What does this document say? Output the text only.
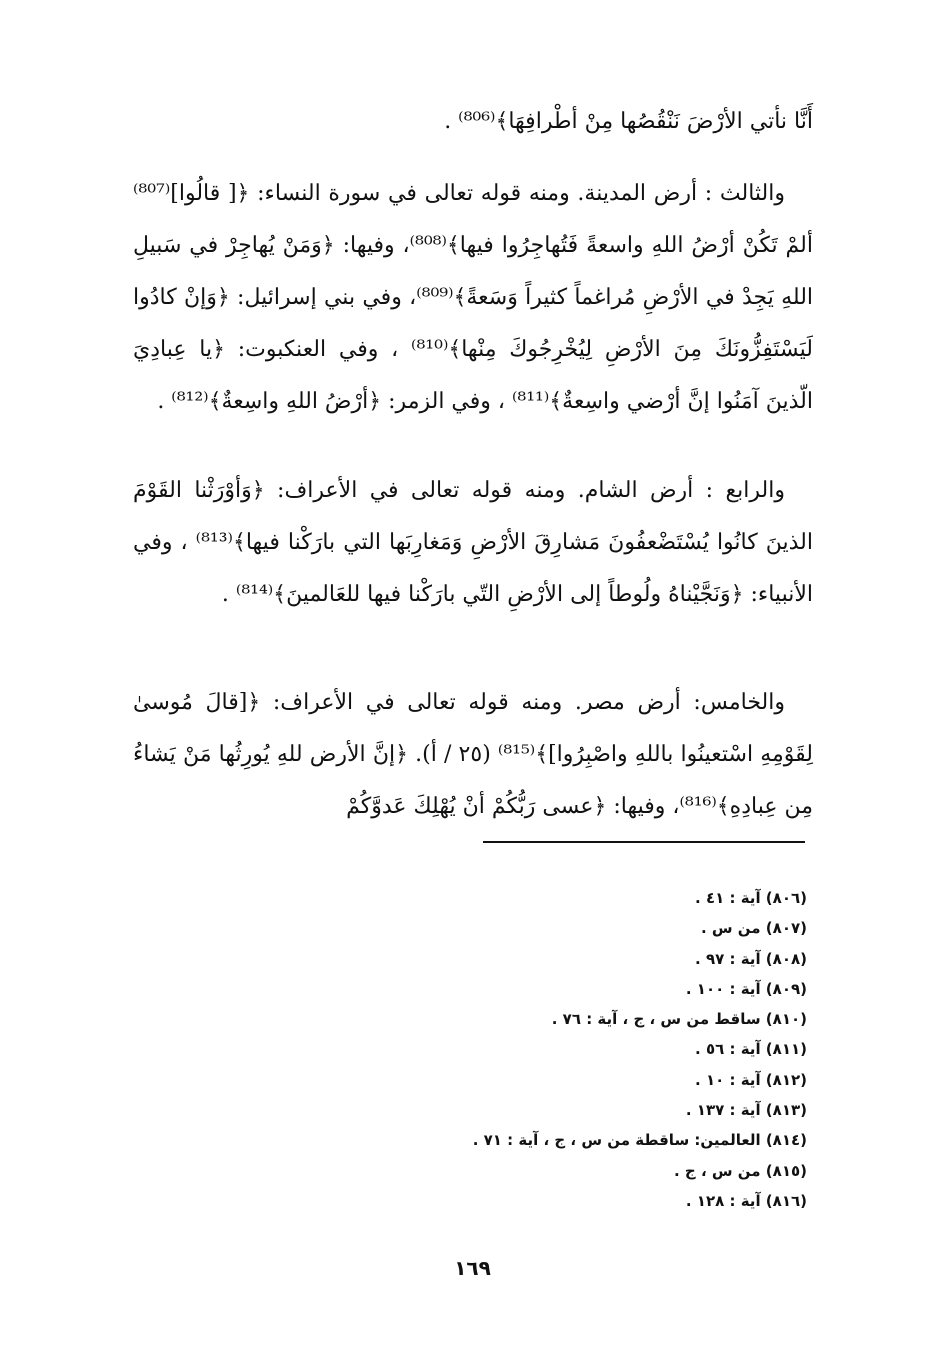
أَنَّا نأتي الأرْضَ نَنْقُصُها مِنْ أطْرافِهَا﴾⁽⁸⁰⁶⁾ .

والثالث : أرض المدينة. ومنه قوله تعالى في سورة النساء: ﴿[ قالُوا]⁽⁸⁰⁷⁾ ألمْ تَكُنْ أرْضُ اللهِ واسعةً فَتُهاجِرُوا فيها﴾⁽⁸⁰⁸⁾، وفيها: ﴿وَمَنْ يُهاجِرْ في سَبيلِ اللهِ يَجِدْ في الأرْضِ مُراغماً كثيراً وَسَعةً﴾⁽⁸⁰⁹⁾، وفي بني إسرائيل: ﴿وَإنْ كادُوا لَيَسْتَفِزُّونَكَ مِنَ الأرْضِ لِيُخْرِجُوكَ مِنْها﴾⁽⁸¹⁰⁾ ، وفي العنكبوت: ﴿يا عِبادِيَ الّذينَ آمَنُوا إنَّ أرْضي واسِعةٌ﴾⁽⁸¹¹⁾ ، وفي الزمر: ﴿أرْضُ اللهِ واسِعةٌ﴾⁽⁸¹²⁾ .

والرابع : أرض الشام. ومنه قوله تعالى في الأعراف: ﴿وَأوْرَثْنا القَوْمَ الذينَ كانُوا يُسْتَضْعفُونَ مَشارِقَ الأرْضِ وَمَغارِبَها التي بارَكْنا فيها﴾⁽⁸¹³⁾ ، وفي الأنبياء: ﴿وَنَجَّيْناهُ ولُوطاً إلى الأرْضِ التّي بارَكْنا فيها للعَالمينَ﴾⁽⁸¹⁴⁾ .

والخامس: أرض مصر. ومنه قوله تعالى في الأعراف: ﴿[قالَ مُوسىٰ لِقَوْمِهِ اسْتعينُوا باللهِ واصْبِرُوا]﴾⁽⁸¹⁵⁾ (٢٥ / أ). ﴿إنَّ الأرض للهِ يُورِثُها مَنْ يَشاءُ مِن عِبادِهِ﴾⁽⁸¹⁶⁾، وفيها: ﴿عسى رَبُّكُمْ أنْ يُهْلِكَ عَدوَّكُمْ

(٨٠٦) آية : ٤١ .
(٨٠٧) من س .
(٨٠٨) آية : ٩٧ .
(٨٠٩) آية : ١٠٠ .
(٨١٠) ساقط من س ، ج ، آية : ٧٦ .
(٨١١) آية : ٥٦ .
(٨١٢) آية : ١٠ .
(٨١٣) آية : ١٣٧ .
(٨١٤) العالمين: ساقطة من س ، ج ، آية : ٧١ .
(٨١٥) من س ، ج .
(٨١٦) آية : ١٢٨ .
١٦٩
